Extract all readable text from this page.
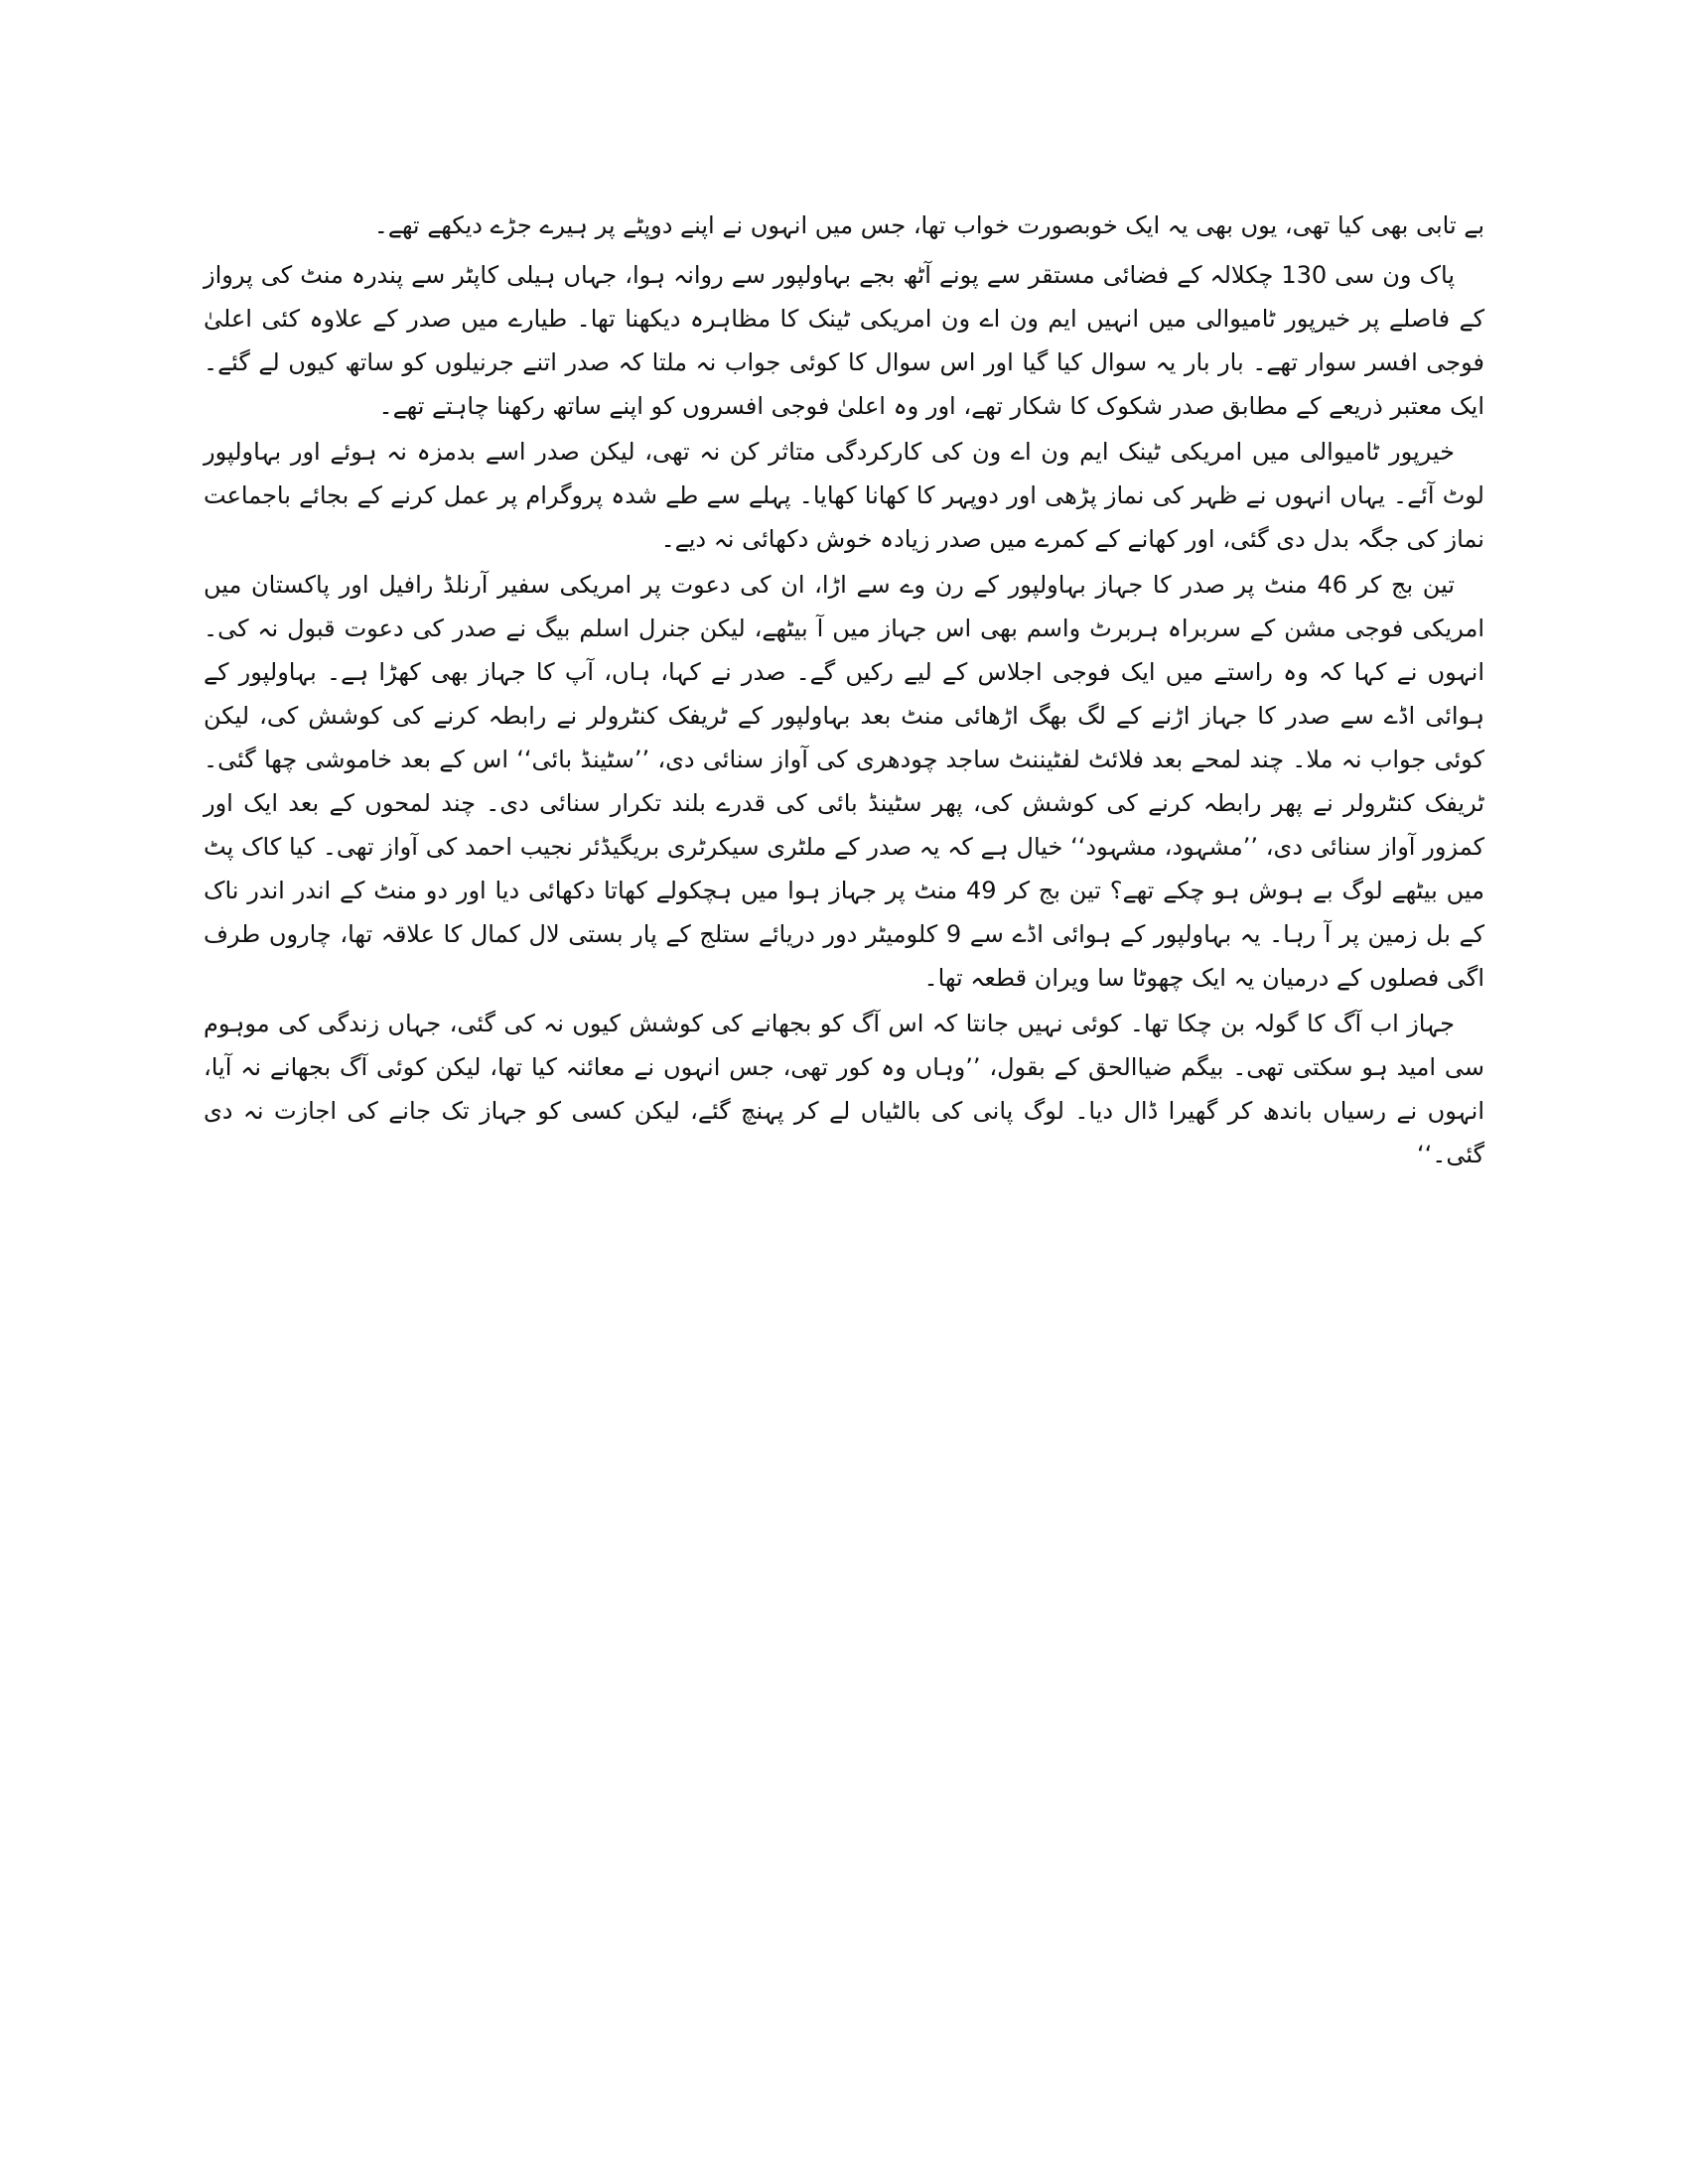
بے تابی بھی کیا تھی، یوں بھی یہ ایک خوبصورت خواب تھا، جس میں انہوں نے اپنے دوپٹے پر ہیرے جڑے دیکھے تھے۔

پاک ون سی 130 چکلالہ کے فضائی مستقر سے پونے آٹھ بجے بہاولپور سے روانہ ہوا، جہاں ہیلی کاپٹر سے پندرہ منٹ کی پرواز کے فاصلے پر خیرپور ٹامیوالی میں انہیں ایم ون اے ون امریکی ٹینک کا مظاہرہ دیکھنا تھا۔ طیارے میں صدر کے علاوہ کئی اعلیٰ فوجی افسر سوار تھے۔ بار بار یہ سوال کیا گیا اور اس سوال کا کوئی جواب نہ ملتا کہ صدر اتنے جرنیلوں کو ساتھ کیوں لے گئے۔ ایک معتبر ذریعے کے مطابق صدر شکوک کا شکار تھے، اور وہ اعلیٰ فوجی افسروں کو اپنے ساتھ رکھنا چاہتے تھے۔

خیرپور ٹامیوالی میں امریکی ٹینک ایم ون اے ون کی کارکردگی متاثر کن نہ تھی، لیکن صدر اسے بدمزہ نہ ہوئے اور بہاولپور لوٹ آئے۔ یہاں انہوں نے ظہر کی نماز پڑھی اور دوپہر کا کھانا کھایا۔ پہلے سے طے شدہ پروگرام پر عمل کرنے کے بجائے باجماعت نماز کی جگہ بدل دی گئی، اور کھانے کے کمرے میں صدر زیادہ خوش دکھائی نہ دیے۔

تین بج کر 46 منٹ پر صدر کا جہاز بہاولپور کے رن وے سے اڑا، ان کی دعوت پر امریکی سفیر آرنلڈ رافیل اور پاکستان میں امریکی فوجی مشن کے سربراہ ہربرٹ واسم بھی اس جہاز میں آ بیٹھے، لیکن جنرل اسلم بیگ نے صدر کی دعوت قبول نہ کی۔ انہوں نے کہا کہ وہ راستے میں ایک فوجی اجلاس کے لیے رکیں گے۔ صدر نے کہا، ہاں، آپ کا جہاز بھی کھڑا ہے۔ بہاولپور کے ہوائی اڈے سے صدر کا جہاز اڑنے کے لگ بھگ اڑھائی منٹ بعد بہاولپور کے ٹریفک کنٹرولر نے رابطہ کرنے کی کوشش کی، لیکن کوئی جواب نہ ملا۔ چند لمحے بعد فلائٹ لفٹیننٹ ساجد چودھری کی آواز سنائی دی، ’’سٹینڈ بائی‘‘ اس کے بعد خاموشی چھا گئی۔ ٹریفک کنٹرولر نے پھر رابطہ کرنے کی کوشش کی، پھر سٹینڈ بائی کی قدرے بلند تکرار سنائی دی۔ چند لمحوں کے بعد ایک اور کمزور آواز سنائی دی، ’’مشہود، مشہود‘‘ خیال ہے کہ یہ صدر کے ملٹری سیکرٹری بریگیڈئر نجیب احمد کی آواز تھی۔ کیا کاک پٹ میں بیٹھے لوگ بے ہوش ہو چکے تھے؟ تین بج کر 49 منٹ پر جہاز ہوا میں ہچکولے کھاتا دکھائی دیا اور دو منٹ کے اندر اندر ناک کے بل زمین پر آ رہا۔ یہ بہاولپور کے ہوائی اڈے سے 9 کلومیٹر دور دریائے ستلج کے پار بستی لال کمال کا علاقہ تھا، چاروں طرف اگی فصلوں کے درمیان یہ ایک چھوٹا سا ویران قطعہ تھا۔

جہاز اب آگ کا گولہ بن چکا تھا۔ کوئی نہیں جانتا کہ اس آگ کو بجھانے کی کوشش کیوں نہ کی گئی، جہاں زندگی کی موہوم سی امید ہو سکتی تھی۔ بیگم ضیاالحق کے بقول، ’’وہاں وہ کور تھی، جس انہوں نے معائنہ کیا تھا، لیکن کوئی آگ بجھانے نہ آیا، انہوں نے رسیاں باندھ کر گھیرا ڈال دیا۔ لوگ پانی کی بالٹیاں لے کر پہنچ گئے، لیکن کسی کو جہاز تک جانے کی اجازت نہ دی گئی۔‘‘
